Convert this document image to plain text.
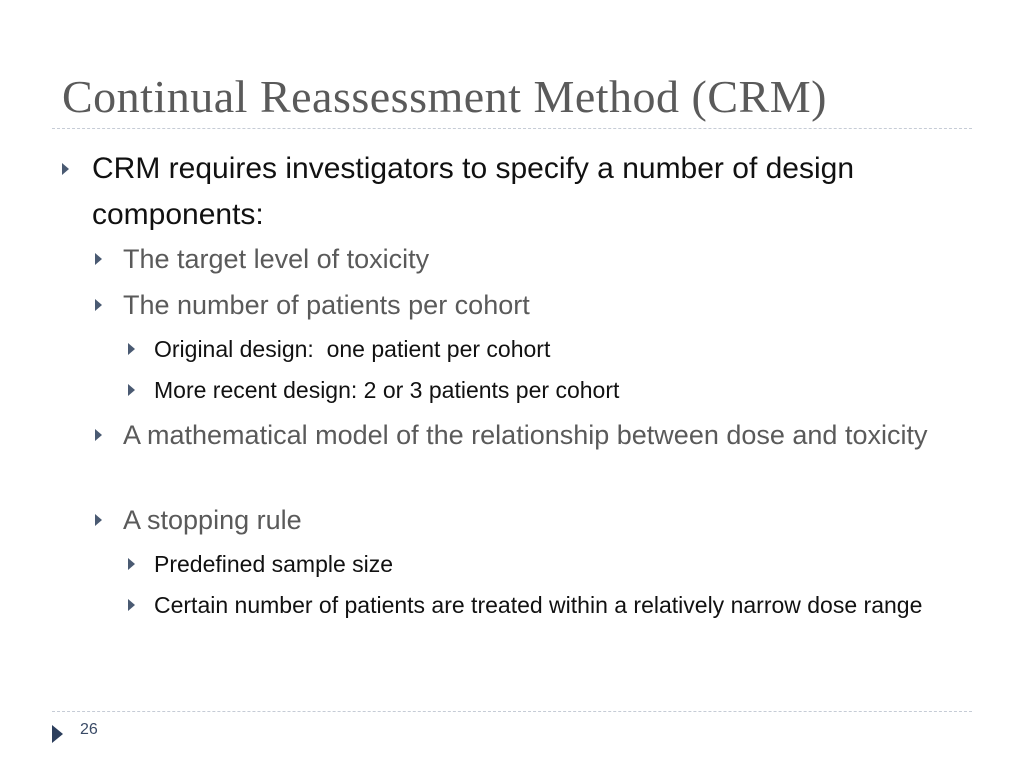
Continual Reassessment Method (CRM)
CRM requires investigators to specify a number of design components:
The target level of toxicity
The number of patients per cohort
Original design:  one patient per cohort
More recent design: 2 or 3 patients per cohort
A mathematical model of the relationship between dose and toxicity
A stopping rule
Predefined sample size
Certain number of patients are treated within a relatively narrow dose range
26
